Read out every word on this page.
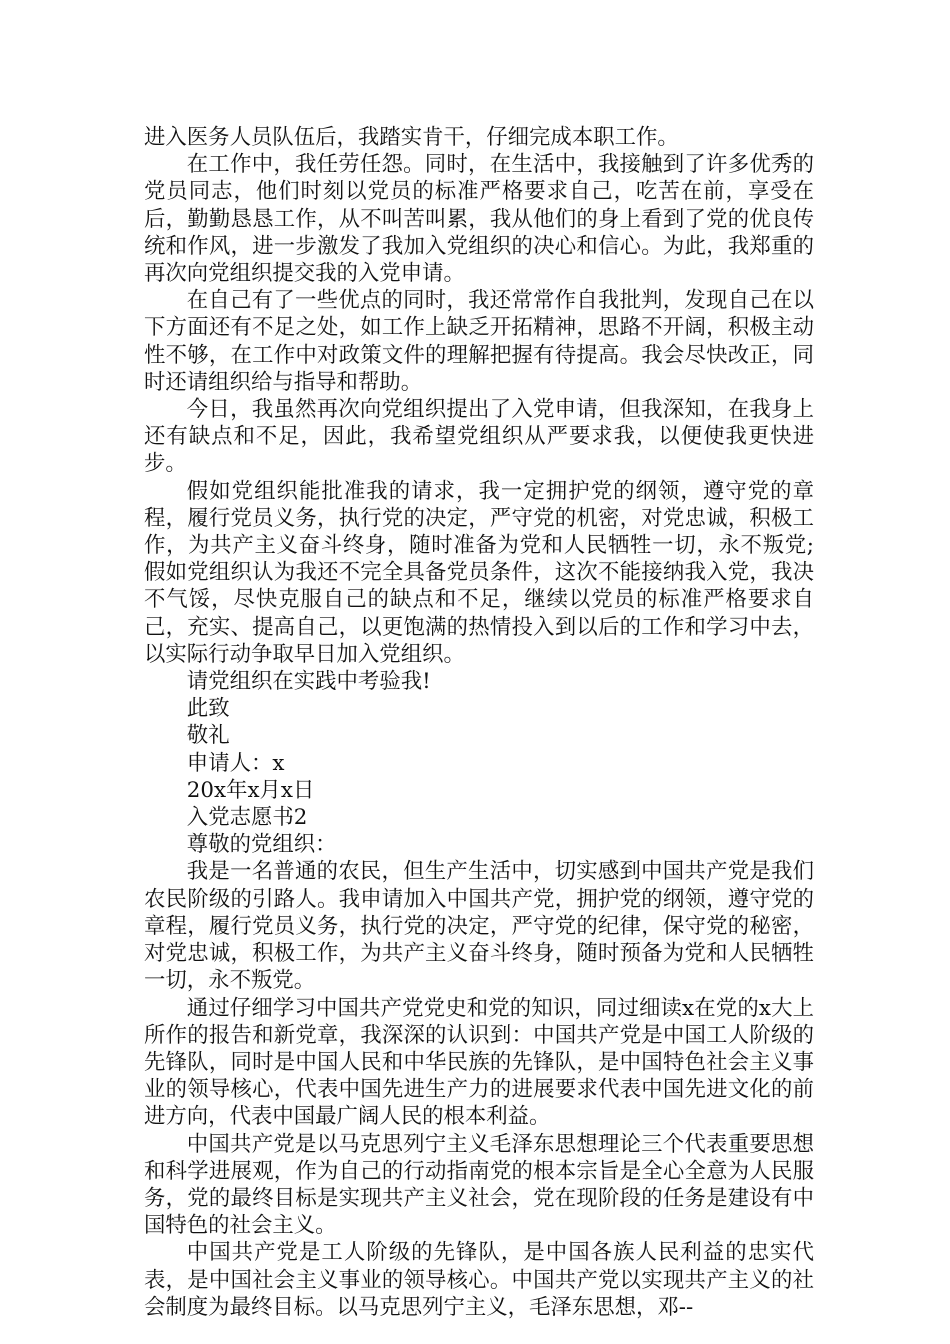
进入医务人员队伍后，我踏实肯干，仔细完成本职工作。

在工作中，我任劳任怨。同时，在生活中，我接触到了许多优秀的党员同志，他们时刻以党员的标准严格要求自己，吃苦在前，享受在后，勤勤恳恳工作，从不叫苦叫累，我从他们的身上看到了党的优良传统和作风，进一步激发了我加入党组织的决心和信心。为此，我郑重的再次向党组织提交我的入党申请。

在自己有了一些优点的同时，我还常常作自我批判，发现自己在以下方面还有不足之处，如工作上缺乏开拓精神，思路不开阔，积极主动性不够，在工作中对政策文件的理解把握有待提高。我会尽快改正，同时还请组织给与指导和帮助。

今日，我虽然再次向党组织提出了入党申请，但我深知，在我身上还有缺点和不足，因此，我希望党组织从严要求我，以便使我更快进步。

假如党组织能批准我的请求，我一定拥护党的纲领，遵守党的章程，履行党员义务，执行党的决定，严守党的机密，对党忠诚，积极工作，为共产主义奋斗终身，随时准备为党和人民牺牲一切，永不叛党;假如党组织认为我还不完全具备党员条件，这次不能接纳我入党，我决不气馁，尽快克服自己的缺点和不足，继续以党员的标准严格要求自己，充实、提高自己，以更饱满的热情投入到以后的工作和学习中去，以实际行动争取早日加入党组织。

请党组织在实践中考验我!

此致

敬礼

申请人：x

20x年x月x日

入党志愿书2

尊敬的党组织：

我是一名普通的农民，但生产生活中，切实感到中国共产党是我们农民阶级的引路人。我申请加入中国共产党，拥护党的纲领，遵守党的章程，履行党员义务，执行党的决定，严守党的纪律，保守党的秘密，对党忠诚，积极工作，为共产主义奋斗终身，随时预备为党和人民牺牲一切，永不叛党。

通过仔细学习中国共产党党史和党的知识，同过细读x在党的x大上所作的报告和新党章，我深深的认识到：中国共产党是中国工人阶级的先锋队，同时是中国人民和中华民族的先锋队，是中国特色社会主义事业的领导核心，代表中国先进生产力的进展要求代表中国先进文化的前进方向，代表中国最广阔人民的根本利益。

中国共产党是以马克思列宁主义毛泽东思想理论三个代表重要思想和科学进展观，作为自己的行动指南党的根本宗旨是全心全意为人民服务，党的最终目标是实现共产主义社会，党在现阶段的任务是建设有中国特色的社会主义。

中国共产党是工人阶级的先锋队，是中国各族人民利益的忠实代表，是中国社会主义事业的领导核心。中国共产党以实现共产主义的社会制度为最终目标。以马克思列宁主义，毛泽东思想，邓--
